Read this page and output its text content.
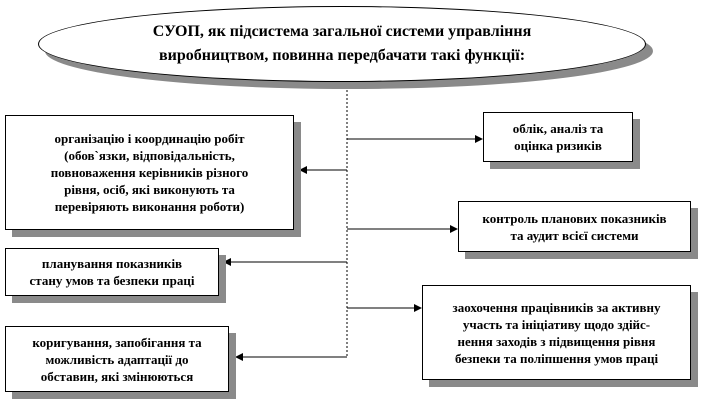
СУОП, як підсистема загальної системи управління
виробництвом, повинна передбачати такі функції:
організацію і координацію робіт
(обов`язки, відповідальність,
повноваження керівників різного
рівня, осіб, які виконують та
перевіряють виконання роботи)
планування показників
стану умов та безпеки праці
коригування, запобігання та
можливість адаптації до
обставин, які змінюються
облік, аналіз та
оцінка ризиків
контроль планових показників
та аудит всієї системи
заохочення працівників за активну
участь та ініціативу щодо здійс-
нення заходів з підвищення рівня
безпеки та поліпшення умов праці
